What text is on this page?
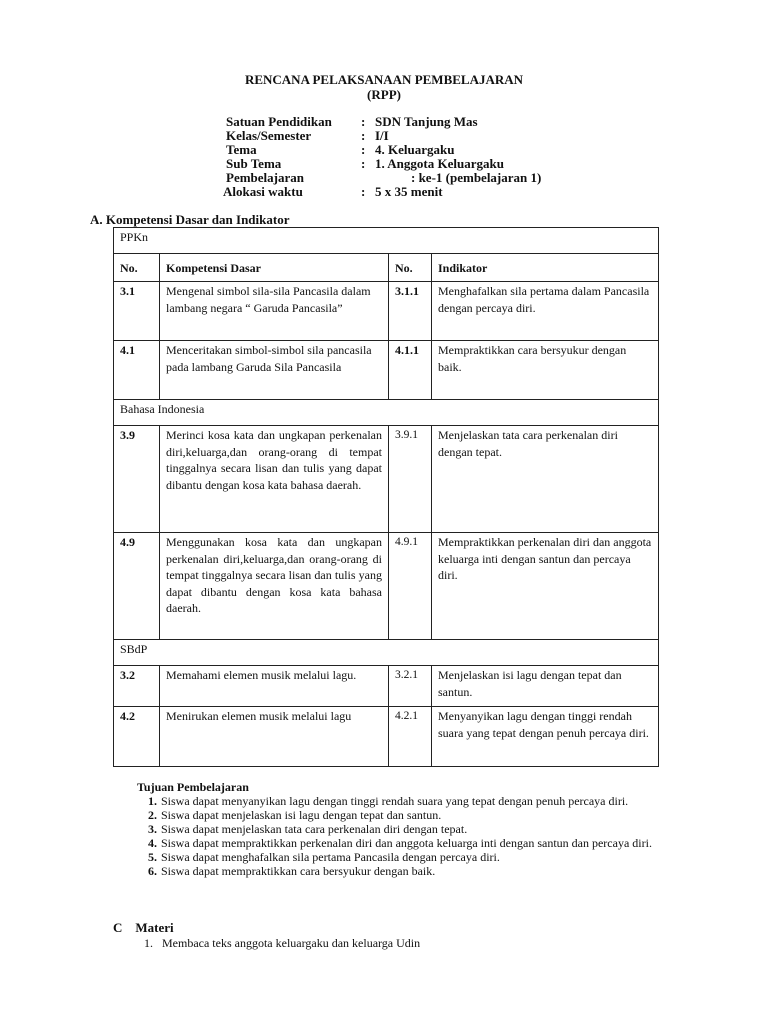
RENCANA PELAKSANAAN PEMBELAJARAN
(RPP)
Satuan Pendidikan	: SDN Tanjung Mas
Kelas/Semester	: I/I
Tema	: 4. Keluargaku
Sub Tema	: 1. Anggota Keluargaku
Pembelajaran	: ke-1 (pembelajaran 1)
Alokasi waktu	: 5 x 35 menit
A. Kompetensi Dasar dan Indikator
PPKn			
No.	Kompetensi Dasar	No.	Indikator
3.1	Mengenal simbol sila-sila Pancasila dalam lambang negara “ Garuda Pancasila”	3.1.1	Menghafalkan sila pertama dalam Pancasila dengan percaya diri.
4.1	Menceritakan simbol-simbol sila pancasila pada lambang Garuda Sila Pancasila	4.1.1	Mempraktikkan cara bersyukur dengan baik.
Bahasa Indonesia			
3.9	Merinci kosa kata dan ungkapan perkenalan diri,keluarga,dan orang-orang di tempat tinggalnya secara lisan dan tulis yang dapat dibantu dengan kosa kata bahasa daerah.	3.9.1	Menjelaskan tata cara perkenalan diri dengan tepat.
4.9	Menggunakan kosa kata dan ungkapan perkenalan diri,keluarga,dan orang-orang di tempat tinggalnya secara lisan dan tulis yang dapat dibantu dengan kosa kata bahasa daerah.	4.9.1	Mempraktikkan perkenalan diri dan anggota keluarga inti dengan santun dan percaya diri.
SBdP			
3.2	Memahami elemen musik melalui lagu.	3.2.1	Menjelaskan isi lagu dengan tepat dan santun.
4.2	Menirukan elemen musik melalui lagu	4.2.1	Menyanyikan lagu dengan tinggi rendah suara yang tepat dengan penuh percaya diri.
Tujuan Pembelajaran
1. Siswa dapat menyanyikan lagu dengan tinggi rendah suara yang tepat dengan penuh percaya diri.
2. Siswa dapat menjelaskan isi lagu dengan tepat dan santun.
3. Siswa dapat menjelaskan tata cara perkenalan diri dengan tepat.
4. Siswa dapat mempraktikkan perkenalan diri dan anggota keluarga inti dengan santun dan percaya diri.
5. Siswa dapat menghafalkan sila pertama Pancasila dengan percaya diri.
6. Siswa dapat mempraktikkan cara bersyukur dengan baik.
C    Materi
1. Membaca teks anggota keluargaku dan keluarga Udin
